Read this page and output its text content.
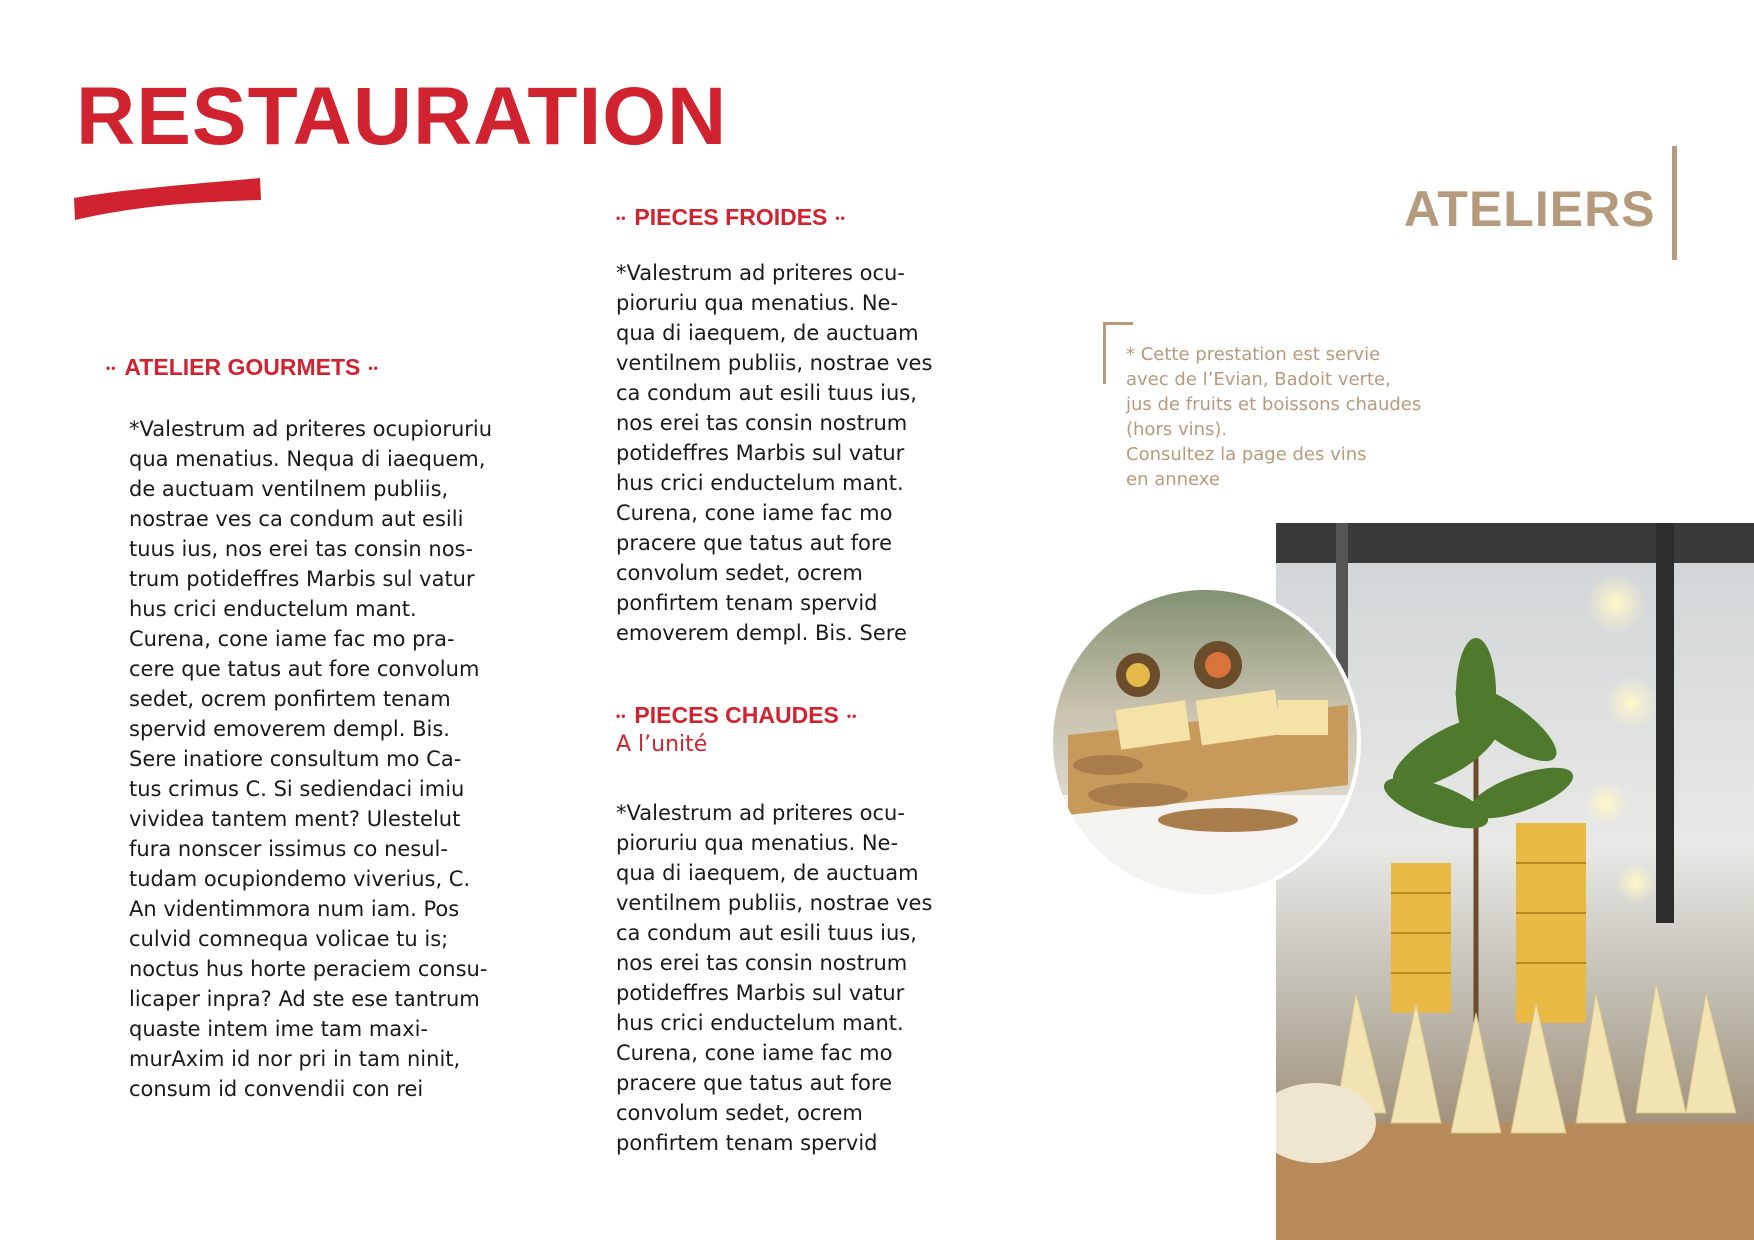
RESTAURATION
•• ATELIER GOURMETS ••
*Valestrum ad priteres ocupioruriu
qua menatius. Nequa di iaequem,
de auctuam ventilnem publiis,
nostrae ves ca condum aut esili
tuus ius, nos erei tas consin nos-
trum potideffres Marbis sul vatur
hus crici enductelum mant.
Curena, cone iame fac mo pra-
cere que tatus aut fore convolum
sedet, ocrem ponfirtem tenam
spervid emoverem dempl. Bis.
Sere inatiore consultum mo Ca-
tus crimus C. Si sediendaci imiu
vividea tantem ment? Ulestelut
fura nonscer issimus co nesul-
tudam ocupiondemo viverius, C.
An videntimmora num iam. Pos
culvid comnequa volicae tu is;
noctus hus horte peraciem consu-
licaper inpra? Ad ste ese tantrum
quaste intem ime tam maxi-
murAxim id nor pri in tam ninit,
consum id convendii con rei
•• PIECES FROIDES ••
*Valestrum ad priteres ocu-
pioruriu qua menatius. Ne-
qua di iaequem, de auctuam
ventilnem publiis, nostrae ves
ca condum aut esili tuus ius,
nos erei tas consin nostrum
potideffres Marbis sul vatur
hus crici enductelum mant.
Curena, cone iame fac mo
pracere que tatus aut fore
convolum sedet, ocrem
ponfirtem tenam spervid
emoverem dempl. Bis. Sere
•• PIECES CHAUDES ••
A l’unité
*Valestrum ad priteres ocu-
pioruriu qua menatius. Ne-
qua di iaequem, de auctuam
ventilnem publiis, nostrae ves
ca condum aut esili tuus ius,
nos erei tas consin nostrum
potideffres Marbis sul vatur
hus crici enductelum mant.
Curena, cone iame fac mo
pracere que tatus aut fore
convolum sedet, ocrem
ponfirtem tenam spervid
ATELIERS
* Cette prestation est servie
avec de l’Evian, Badoit verte,
jus de fruits et boissons chaudes
(hors vins).
Consultez la page des vins
en annexe
